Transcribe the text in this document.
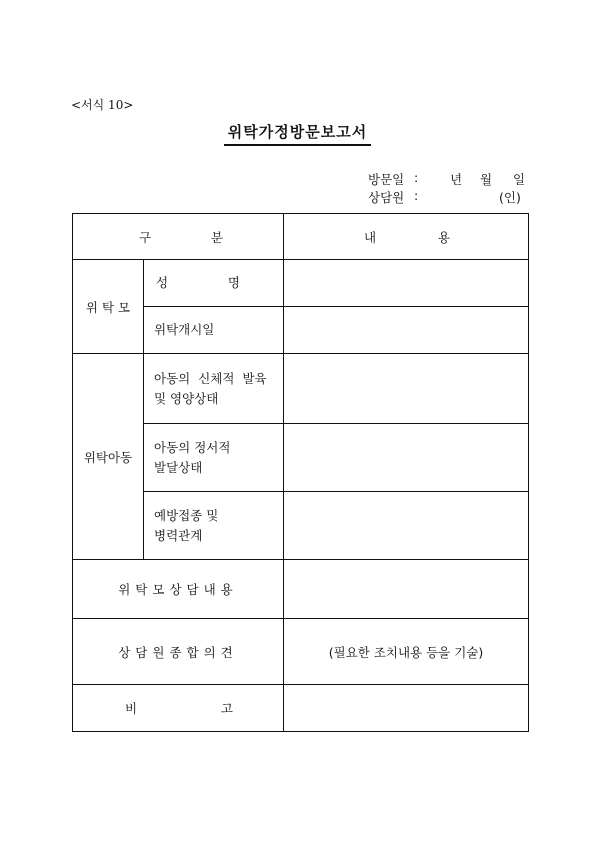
<서식 10>
위탁가정방문보고서
방문일 :	년 월 일
상담원 :	(인)
구 분		내 용

위 탁 모	성 명	

	위탁개시일	
위탁아동	아동의 신체적 발육
및 영양상태	

	아동의 정서적
발달상태	

	예방접종 및
병력관계	

위탁모상담내용		
상담원종합의견		(필요한 조치내용 등을 기술)

비 고		
